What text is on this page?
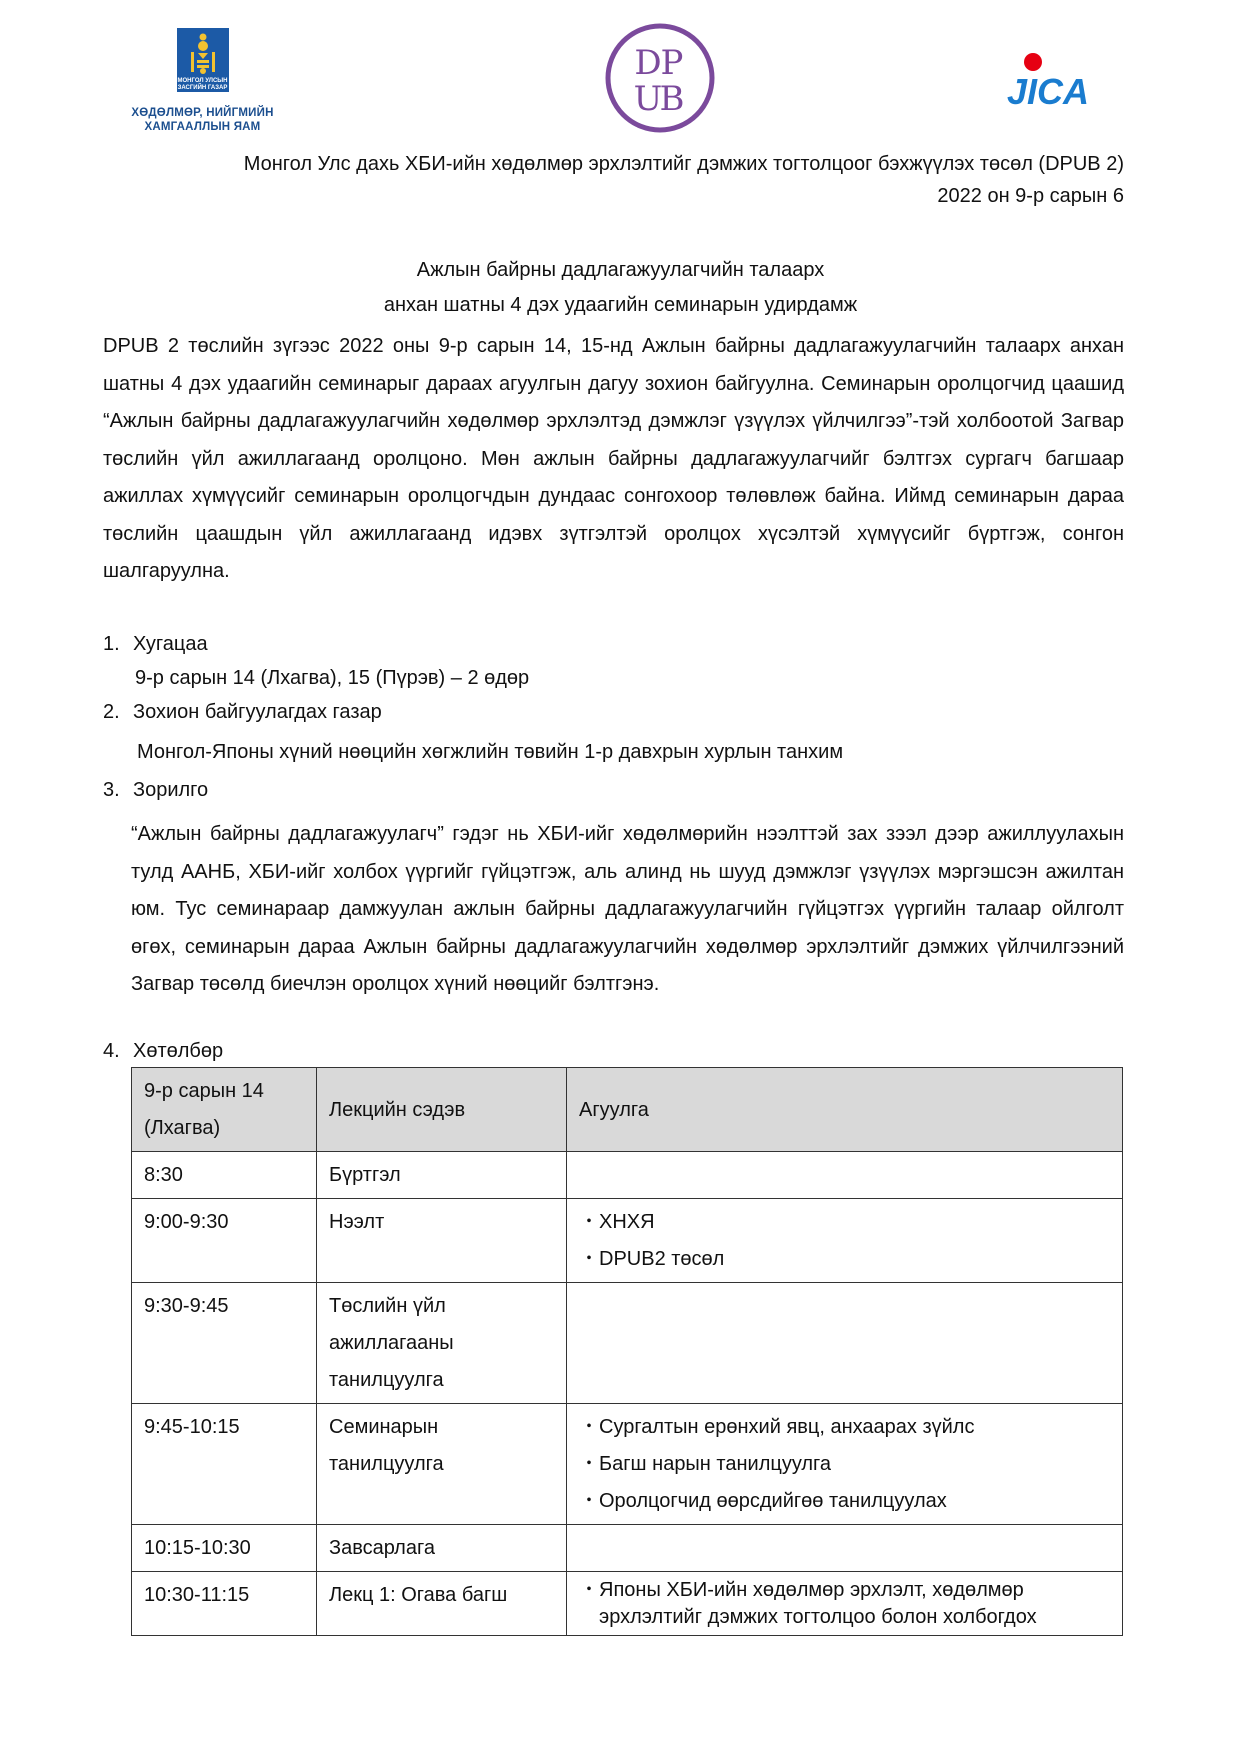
МОНГОЛ УЛСЫН
ЗАСГИЙН ГАЗАР
ХӨДӨЛМӨР, НИЙГМИЙН
ХАМГААЛЛЫН ЯАМ
D
P
U
B	JICA
Монгол Улс дахь ХБИ-ийн хөдөлмөр эрхлэлтийг дэмжих тогтолцоог бэхжүүлэх төсөл (DPUB 2)
2022 он 9-р сарын 6
Ажлын байрны дадлагажуулагчийн талаарх
анхан шатны 4 дэх удаагийн семинарын удирдамж
DPUB 2 төслийн зүгээс 2022 оны 9-р сарын 14, 15-нд Ажлын байрны дадлагажуулагчийн талаарх анхан шатны 4 дэх удаагийн семинарыг дараах агуулгын дагуу зохион байгуулна. Семинарын оролцогчид цаашид “Ажлын байрны дадлагажуулагчийн хөдөлмөр эрхлэлтэд дэмжлэг үзүүлэх үйлчилгээ”-тэй холбоотой Загвар төслийн үйл ажиллагаанд оролцоно. Мөн ажлын байрны дадлагажуулагчийг бэлтгэх сургагч багшаар ажиллах хүмүүсийг семинарын оролцогчдын дундаас сонгохоор төлөвлөж байна. Иймд семинарын дараа төслийн цаашдын үйл ажиллагаанд идэвх зүтгэлтэй оролцох хүсэлтэй хүмүүсийг бүртгэж, сонгон шалгаруулна.
1. Хугацаа
9-р сарын 14 (Лхагва), 15 (Пүрэв) – 2 өдөр
2. Зохион байгуулагдах газар
Монгол-Японы хүний нөөцийн хөгжлийн төвийн 1-р давхрын хурлын танхим
3. Зорилго
“Ажлын байрны дадлагажуулагч” гэдэг нь ХБИ-ийг хөдөлмөрийн нээлттэй зах зээл дээр ажиллуулахын тулд ААНБ, ХБИ-ийг холбох үүргийг гүйцэтгэж, аль алинд нь шууд дэмжлэг үзүүлэх мэргэшсэн ажилтан юм. Тус семинараар дамжуулан ажлын байрны дадлагажуулагчийн гүйцэтгэх үүргийн талаар ойлголт өгөх, семинарын дараа Ажлын байрны дадлагажуулагчийн хөдөлмөр эрхлэлтийг дэмжих үйлчилгээний Загвар төсөлд биечлэн оролцох хүний нөөцийг бэлтгэнэ.
4. Хөтөлбөр
9-р сарын 14 (Лхагва)	Лекцийн сэдэв	Агуулга
8:30	Бүртгэл	
9:00-9:30	Нээлт	・ХНХЯ
・DPUB2 төсөл

9:30-9:45	Төслийн үйл ажиллагааны танилцуулга	
9:45-10:15	Семинарын танилцуулга	・Сургалтын ерөнхий явц, анхаарах зүйлс
・Багш нарын танилцуулга
・Оролцогчид өөрсдийгөө танилцуулах

10:15-10:30	Завсарлага	
10:30-11:15	Лекц 1: Огава багш	・ Японы ХБИ-ийн хөдөлмөр эрхлэлт, хөдөлмөр эрхлэлтийг дэмжих тогтолцоо болон холбогдох
